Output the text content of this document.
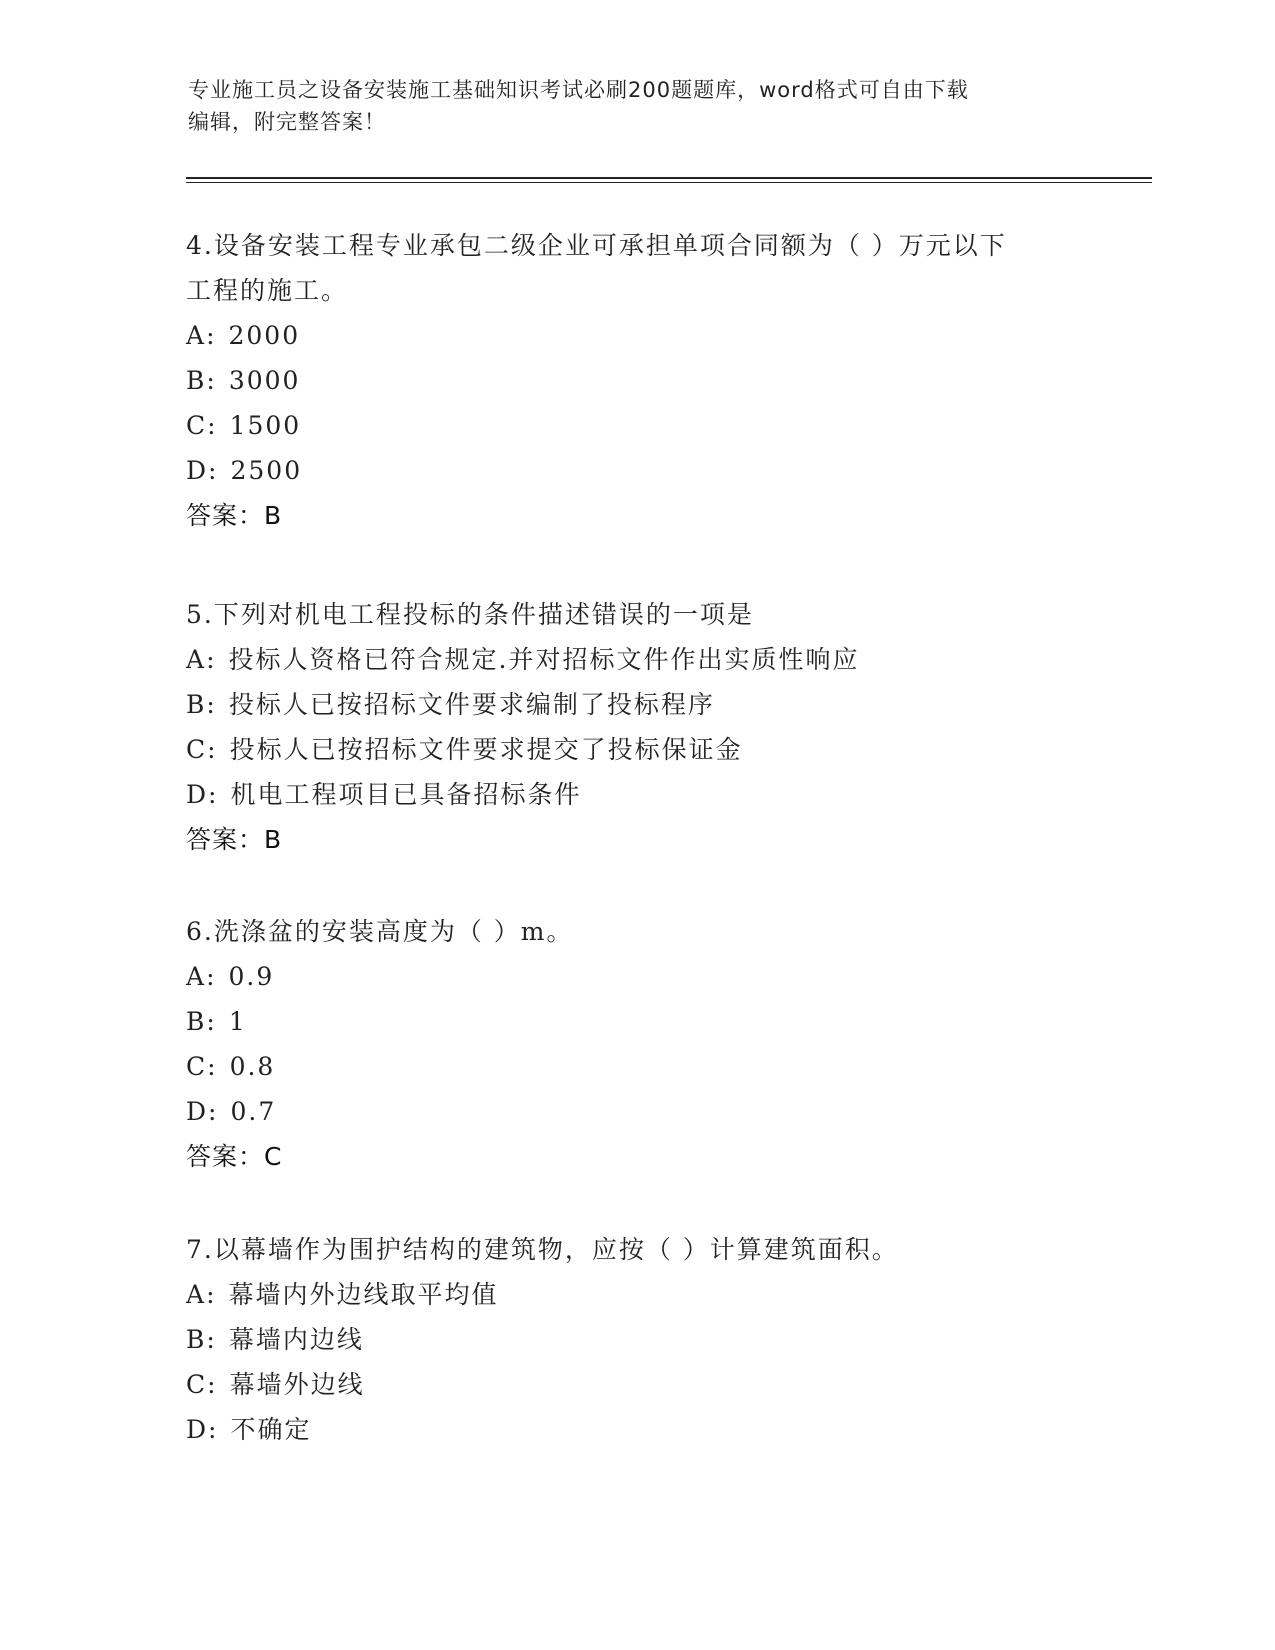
专业施工员之设备安装施工基础知识考试必刷200题题库，word格式可自由下载
编辑，附完整答案！

4.设备安装工程专业承包二级企业可承担单项合同额为（ ）万元以下

工程的施工。

A: 2000

B: 3000

C: 1500

D: 2500

答案：B

5.下列对机电工程投标的条件描述错误的一项是

A: 投标人资格已符合规定.并对招标文件作出实质性响应

B: 投标人已按招标文件要求编制了投标程序

C: 投标人已按招标文件要求提交了投标保证金

D: 机电工程项目已具备招标条件

答案：B

6.洗涤盆的安装高度为（ ）m。

A: 0.9

B: 1

C: 0.8

D: 0.7

答案：C

7.以幕墙作为围护结构的建筑物，应按（ ）计算建筑面积。

A: 幕墙内外边线取平均值

B: 幕墙内边线

C: 幕墙外边线

D: 不确定
